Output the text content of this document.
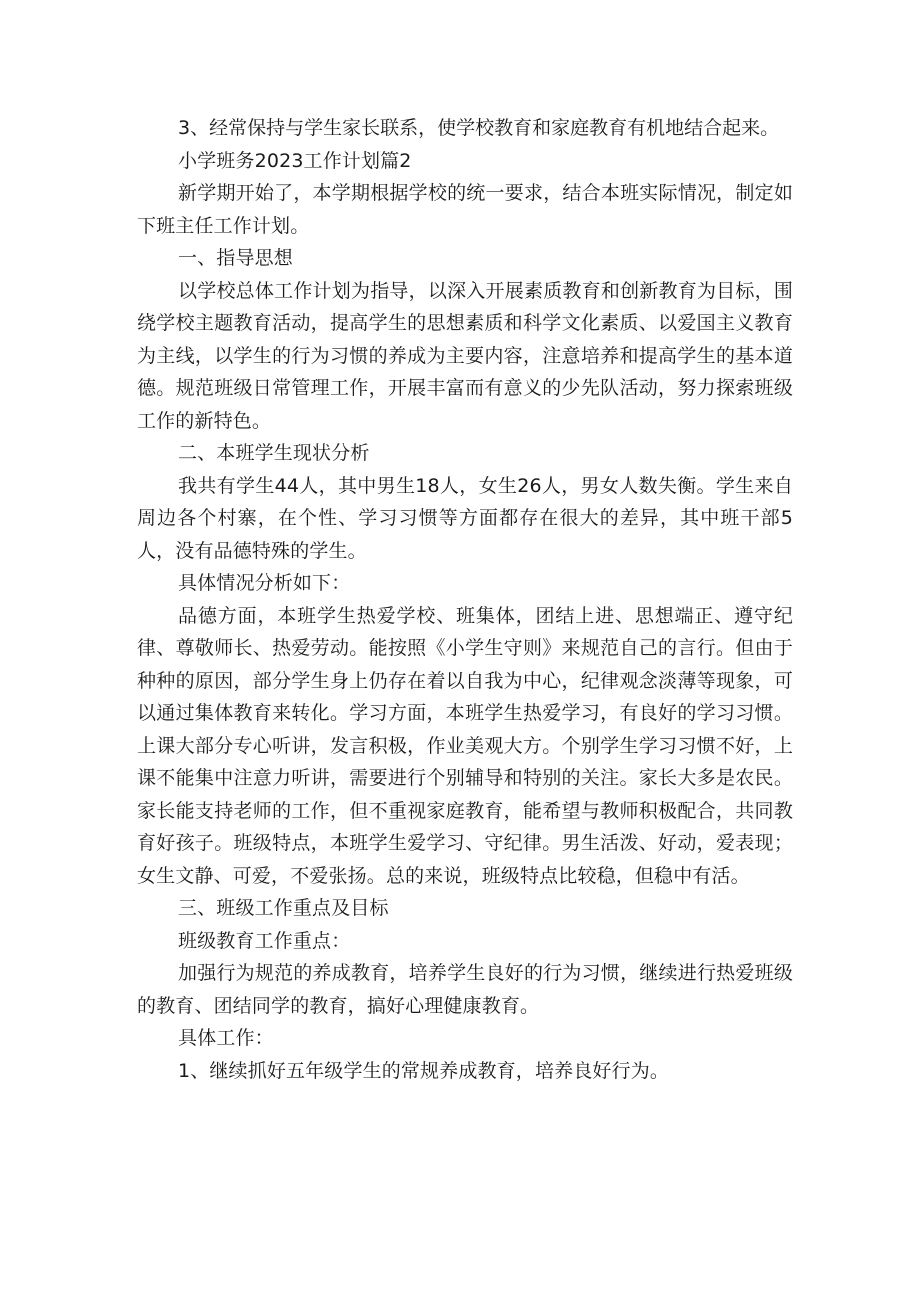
3、经常保持与学生家长联系，使学校教育和家庭教育有机地结合起来。

小学班务2023工作计划篇2

新学期开始了，本学期根据学校的统一要求，结合本班实际情况，制定如下班主任工作计划。

一、指导思想

以学校总体工作计划为指导，以深入开展素质教育和创新教育为目标，围绕学校主题教育活动，提高学生的思想素质和科学文化素质、以爱国主义教育为主线，以学生的行为习惯的养成为主要内容，注意培养和提高学生的基本道德。规范班级日常管理工作，开展丰富而有意义的少先队活动，努力探索班级工作的新特色。

二、本班学生现状分析

我共有学生44人，其中男生18人，女生26人，男女人数失衡。学生来自周边各个村寨，在个性、学习习惯等方面都存在很大的差异，其中班干部5人，没有品德特殊的学生。

具体情况分析如下：

品德方面，本班学生热爱学校、班集体，团结上进、思想端正、遵守纪律、尊敬师长、热爱劳动。能按照《小学生守则》来规范自己的言行。但由于种种的原因，部分学生身上仍存在着以自我为中心，纪律观念淡薄等现象，可以通过集体教育来转化。学习方面，本班学生热爱学习，有良好的学习习惯。上课大部分专心听讲，发言积极，作业美观大方。个别学生学习习惯不好，上课不能集中注意力听讲，需要进行个别辅导和特别的关注。家长大多是农民。家长能支持老师的工作，但不重视家庭教育，能希望与教师积极配合，共同教育好孩子。班级特点，本班学生爱学习、守纪律。男生活泼、好动，爱表现；女生文静、可爱，不爱张扬。总的来说，班级特点比较稳，但稳中有活。

三、班级工作重点及目标

班级教育工作重点：

加强行为规范的养成教育，培养学生良好的行为习惯，继续进行热爱班级的教育、团结同学的教育，搞好心理健康教育。

具体工作：

1、继续抓好五年级学生的常规养成教育，培养良好行为。
